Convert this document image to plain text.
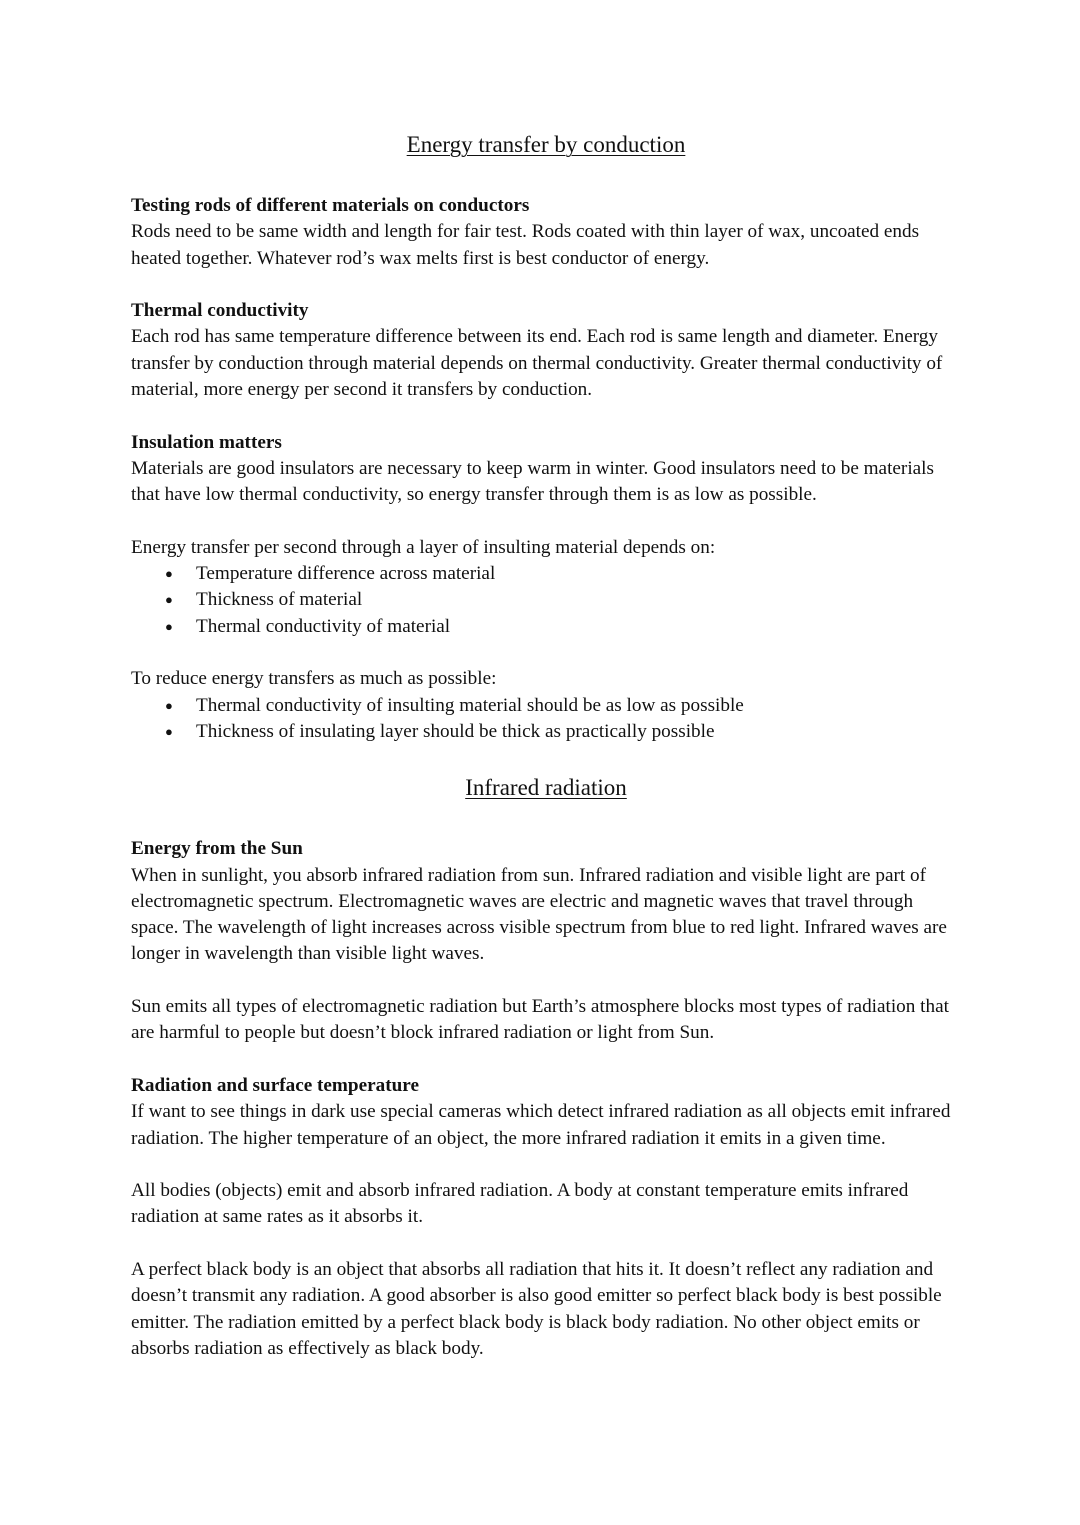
Energy transfer by conduction

Testing rods of different materials on conductors

Rods need to be same width and length for fair test. Rods coated with thin layer of wax, uncoated ends heated together. Whatever rod’s wax melts first is best conductor of energy.

Thermal conductivity

Each rod has same temperature difference between its end. Each rod is same length and diameter. Energy transfer by conduction through material depends on thermal conductivity. Greater thermal conductivity of material, more energy per second it transfers by conduction.

Insulation matters

Materials are good insulators are necessary to keep warm in winter. Good insulators need to be materials that have low thermal conductivity, so energy transfer through them is as low as possible.

Energy transfer per second through a layer of insulting material depends on:

● Temperature difference across material
● Thickness of material
● Thermal conductivity of material

To reduce energy transfers as much as possible:

● Thermal conductivity of insulting material should be as low as possible
● Thickness of insulating layer should be thick as practically possible
Infrared radiation

Energy from the Sun

When in sunlight, you absorb infrared radiation from sun. Infrared radiation and visible light are part of electromagnetic spectrum. Electromagnetic waves are electric and magnetic waves that travel through space. The wavelength of light increases across visible spectrum from blue to red light. Infrared waves are longer in wavelength than visible light waves.

Sun emits all types of electromagnetic radiation but Earth’s atmosphere blocks most types of radiation that are harmful to people but doesn’t block infrared radiation or light from Sun.

Radiation and surface temperature

If want to see things in dark use special cameras which detect infrared radiation as all objects emit infrared radiation. The higher temperature of an object, the more infrared radiation it emits in a given time.

All bodies (objects) emit and absorb infrared radiation. A body at constant temperature emits infrared radiation at same rates as it absorbs it.

A perfect black body is an object that absorbs all radiation that hits it. It doesn’t reflect any radiation and doesn’t transmit any radiation. A good absorber is also good emitter so perfect black body is best possible emitter. The radiation emitted by a perfect black body is black body radiation. No other object emits or absorbs radiation as effectively as black body.
